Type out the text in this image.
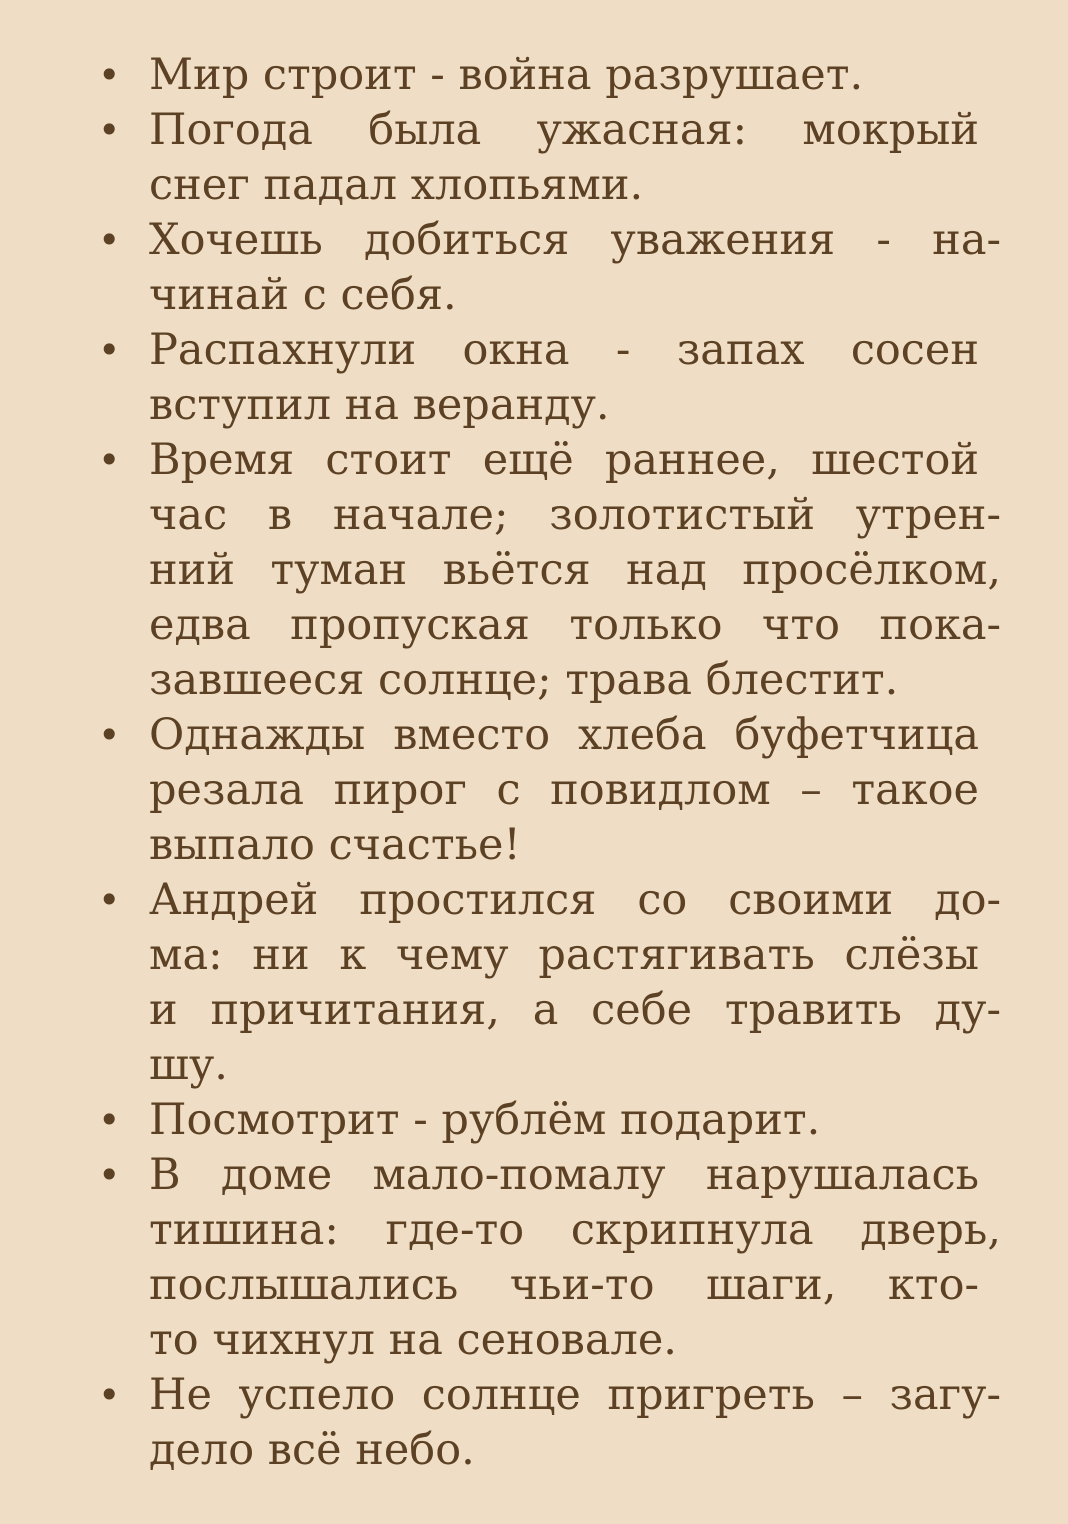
• Мир строит - война разрушает.
• Погода была ужасная: мокрый
снег падал хлопьями.
• Хочешь добиться уважения - на-
чинай с себя.
• Распахнули окна - запах сосен
вступил на веранду.
• Время стоит ещё раннее, шестой
час в начале; золотистый утрен-
ний туман вьётся над просёлком,
едва пропуская только что пока-
завшееся солнце; трава блестит.
• Однажды вместо хлеба буфетчица
резала пирог с повидлом – такое
выпало счастье!
• Андрей простился со своими до-
ма: ни к чему растягивать слёзы
и причитания, а себе травить ду-
шу.
• Посмотрит - рублём подарит.
• В доме мало-помалу нарушалась
тишина: где-то скрипнула дверь,
послышались чьи-то шаги, кто-
то чихнул на сеновале.
• Не успело солнце пригреть – загу-
дело всё небо.
